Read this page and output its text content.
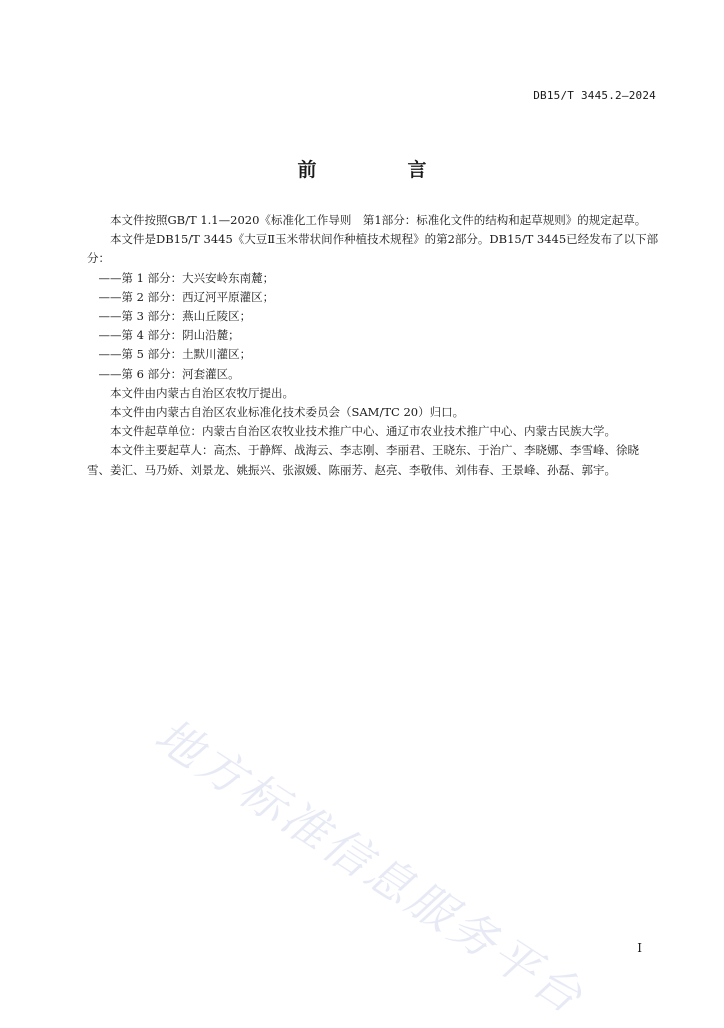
DB15/T 3445.2—2024
前　言

本文件按照GB/T 1.1—2020《标准化工作导则　第1部分：标准化文件的结构和起草规则》的规定起草。

本文件是DB15/T 3445《大豆Ⅱ玉米带状间作种植技术规程》的第2部分。DB15/T 3445已经发布了以下部分：

——第 1 部分：大兴安岭东南麓；

——第 2 部分：西辽河平原灌区；

——第 3 部分：燕山丘陵区；

——第 4 部分：阴山沿麓；

——第 5 部分：土默川灌区；

——第 6 部分：河套灌区。

本文件由内蒙古自治区农牧厅提出。

本文件由内蒙古自治区农业标准化技术委员会（SAM/TC 20）归口。

本文件起草单位：内蒙古自治区农牧业技术推广中心、通辽市农业技术推广中心、内蒙古民族大学。

本文件主要起草人：高杰、于静辉、战海云、李志刚、李丽君、王晓东、于治广、李晓娜、李雪峰、徐晓雪、姜汇、马乃娇、刘景龙、姚振兴、张淑媛、陈丽芳、赵亮、李敬伟、刘伟春、王景峰、孙磊、郭宇。

地方标准信息服务平台	I
